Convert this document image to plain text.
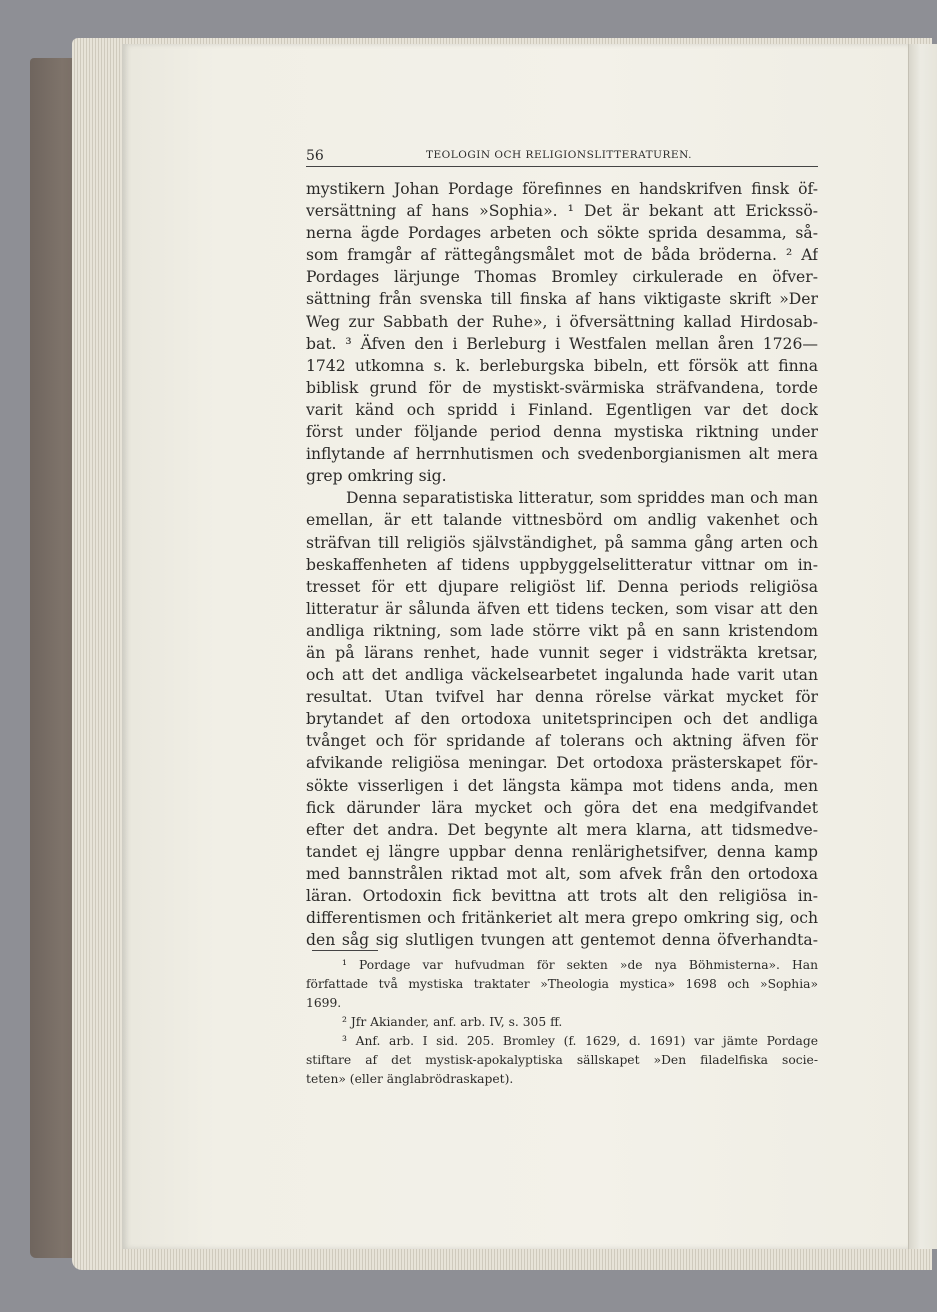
56	TEOLOGIN OCH RELIGIONSLITTERATUREN.
mystikern Johan Pordage förefinnes en handskrifven finsk öf-
versättning af hans »Sophia». ¹ Det är bekant att Erickssö-
nerna ägde Pordages arbeten och sökte sprida desamma, så-
som framgår af rättegångsmålet mot de båda bröderna. ² Af
Pordages lärjunge Thomas Bromley cirkulerade en öfver-
sättning från svenska till finska af hans viktigaste skrift »Der
Weg zur Sabbath der Ruhe», i öfversättning kallad Hirdosab-
bat. ³ Äfven den i Berleburg i Westfalen mellan åren 1726—
1742 utkomna s. k. berleburgska bibeln, ett försök att finna
biblisk grund för de mystiskt-svärmiska sträfvandena, torde
varit känd och spridd i Finland. Egentligen var det dock
först under följande period denna mystiska riktning under
inflytande af herrnhutismen och svedenborgianismen alt mera
grep omkring sig.
Denna separatistiska litteratur, som spriddes man och man
emellan, är ett talande vittnesbörd om andlig vakenhet och
sträfvan till religiös självständighet, på samma gång arten och
beskaffenheten af tidens uppbyggelselitteratur vittnar om in-
tresset för ett djupare religiöst lif. Denna periods religiösa
litteratur är sålunda äfven ett tidens tecken, som visar att den
andliga riktning, som lade större vikt på en sann kristendom
än på lärans renhet, hade vunnit seger i vidsträkta kretsar,
och att det andliga väckelsearbetet ingalunda hade varit utan
resultat. Utan tvifvel har denna rörelse värkat mycket för
brytandet af den ortodoxa unitetsprincipen och det andliga
tvånget och för spridande af tolerans och aktning äfven för
afvikande religiösa meningar. Det ortodoxa prästerskapet för-
sökte visserligen i det längsta kämpa mot tidens anda, men
fick därunder lära mycket och göra det ena medgifvandet
efter det andra. Det begynte alt mera klarna, att tidsmedve-
tandet ej längre uppbar denna renlärighetsifver, denna kamp
med bannstrålen riktad mot alt, som afvek från den ortodoxa
läran. Ortodoxin fick bevittna att trots alt den religiösa in-
differentismen och fritänkeriet alt mera grepo omkring sig, och
den såg sig slutligen tvungen att gentemot denna öfverhandta-
¹ Pordage var hufvudman för sekten »de nya Böhmisterna». Han
författade två mystiska traktater »Theologia mystica» 1698 och »Sophia»
1699.
² Jfr Akiander, anf. arb. IV, s. 305 ff.
³ Anf. arb. I sid. 205. Bromley (f. 1629, d. 1691) var jämte Pordage
stiftare af det mystisk-apokalyptiska sällskapet »Den filadelfiska socie-
teten» (eller änglabrödraskapet).
